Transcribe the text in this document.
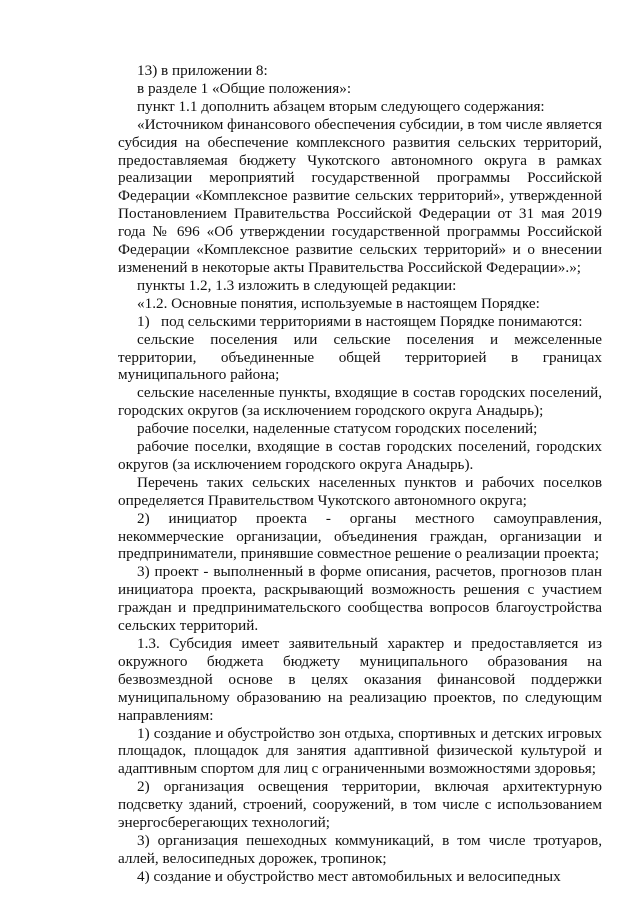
13) в приложении 8:

в разделе 1 «Общие положения»:

пункт 1.1 дополнить абзацем вторым следующего содержания:

«Источником финансового обеспечения субсидии, в том числе является субсидия на обеспечение комплексного развития сельских территорий, предоставляемая бюджету Чукотского автономного округа в рамках реализации мероприятий государственной программы Российской Федерации «Комплексное развитие сельских территорий», утвержденной Постановлением Правительства Российской Федерации от 31 мая 2019 года № 696 «Об утверждении государственной программы Российской Федерации «Комплексное развитие сельских территорий» и о внесении изменений в некоторые акты Правительства Российской Федерации».»;

пункты 1.2, 1.3 изложить в следующей редакции:

«1.2. Основные понятия, используемые в настоящем Порядке:

1) под сельскими территориями в настоящем Порядке понимаются:

сельские поселения или сельские поселения и межселенные территории, объединенные общей территорией в границах муниципального района;

сельские населенные пункты, входящие в состав городских поселений, городских округов (за исключением городского округа Анадырь);

рабочие поселки, наделенные статусом городских поселений;

рабочие поселки, входящие в состав городских поселений, городских округов (за исключением городского округа Анадырь).

Перечень таких сельских населенных пунктов и рабочих поселков определяется Правительством Чукотского автономного округа;

2) инициатор проекта - органы местного самоуправления, некоммерческие организации, объединения граждан, организации и предприниматели, принявшие совместное решение о реализации проекта;

3) проект - выполненный в форме описания, расчетов, прогнозов план инициатора проекта, раскрывающий возможность решения с участием граждан и предпринимательского сообщества вопросов благоустройства сельских территорий.

1.3. Субсидия имеет заявительный характер и предоставляется из окружного бюджета бюджету муниципального образования на безвозмездной основе в целях оказания финансовой поддержки муниципальному образованию на реализацию проектов, по следующим направлениям:

1) создание и обустройство зон отдыха, спортивных и детских игровых площадок, площадок для занятия адаптивной физической культурой и адаптивным спортом для лиц с ограниченными возможностями здоровья;

2) организация освещения территории, включая архитектурную подсветку зданий, строений, сооружений, в том числе с использованием энергосберегающих технологий;

3) организация пешеходных коммуникаций, в том числе тротуаров, аллей, велосипедных дорожек, тропинок;

4) создание и обустройство мест автомобильных и велосипедных
